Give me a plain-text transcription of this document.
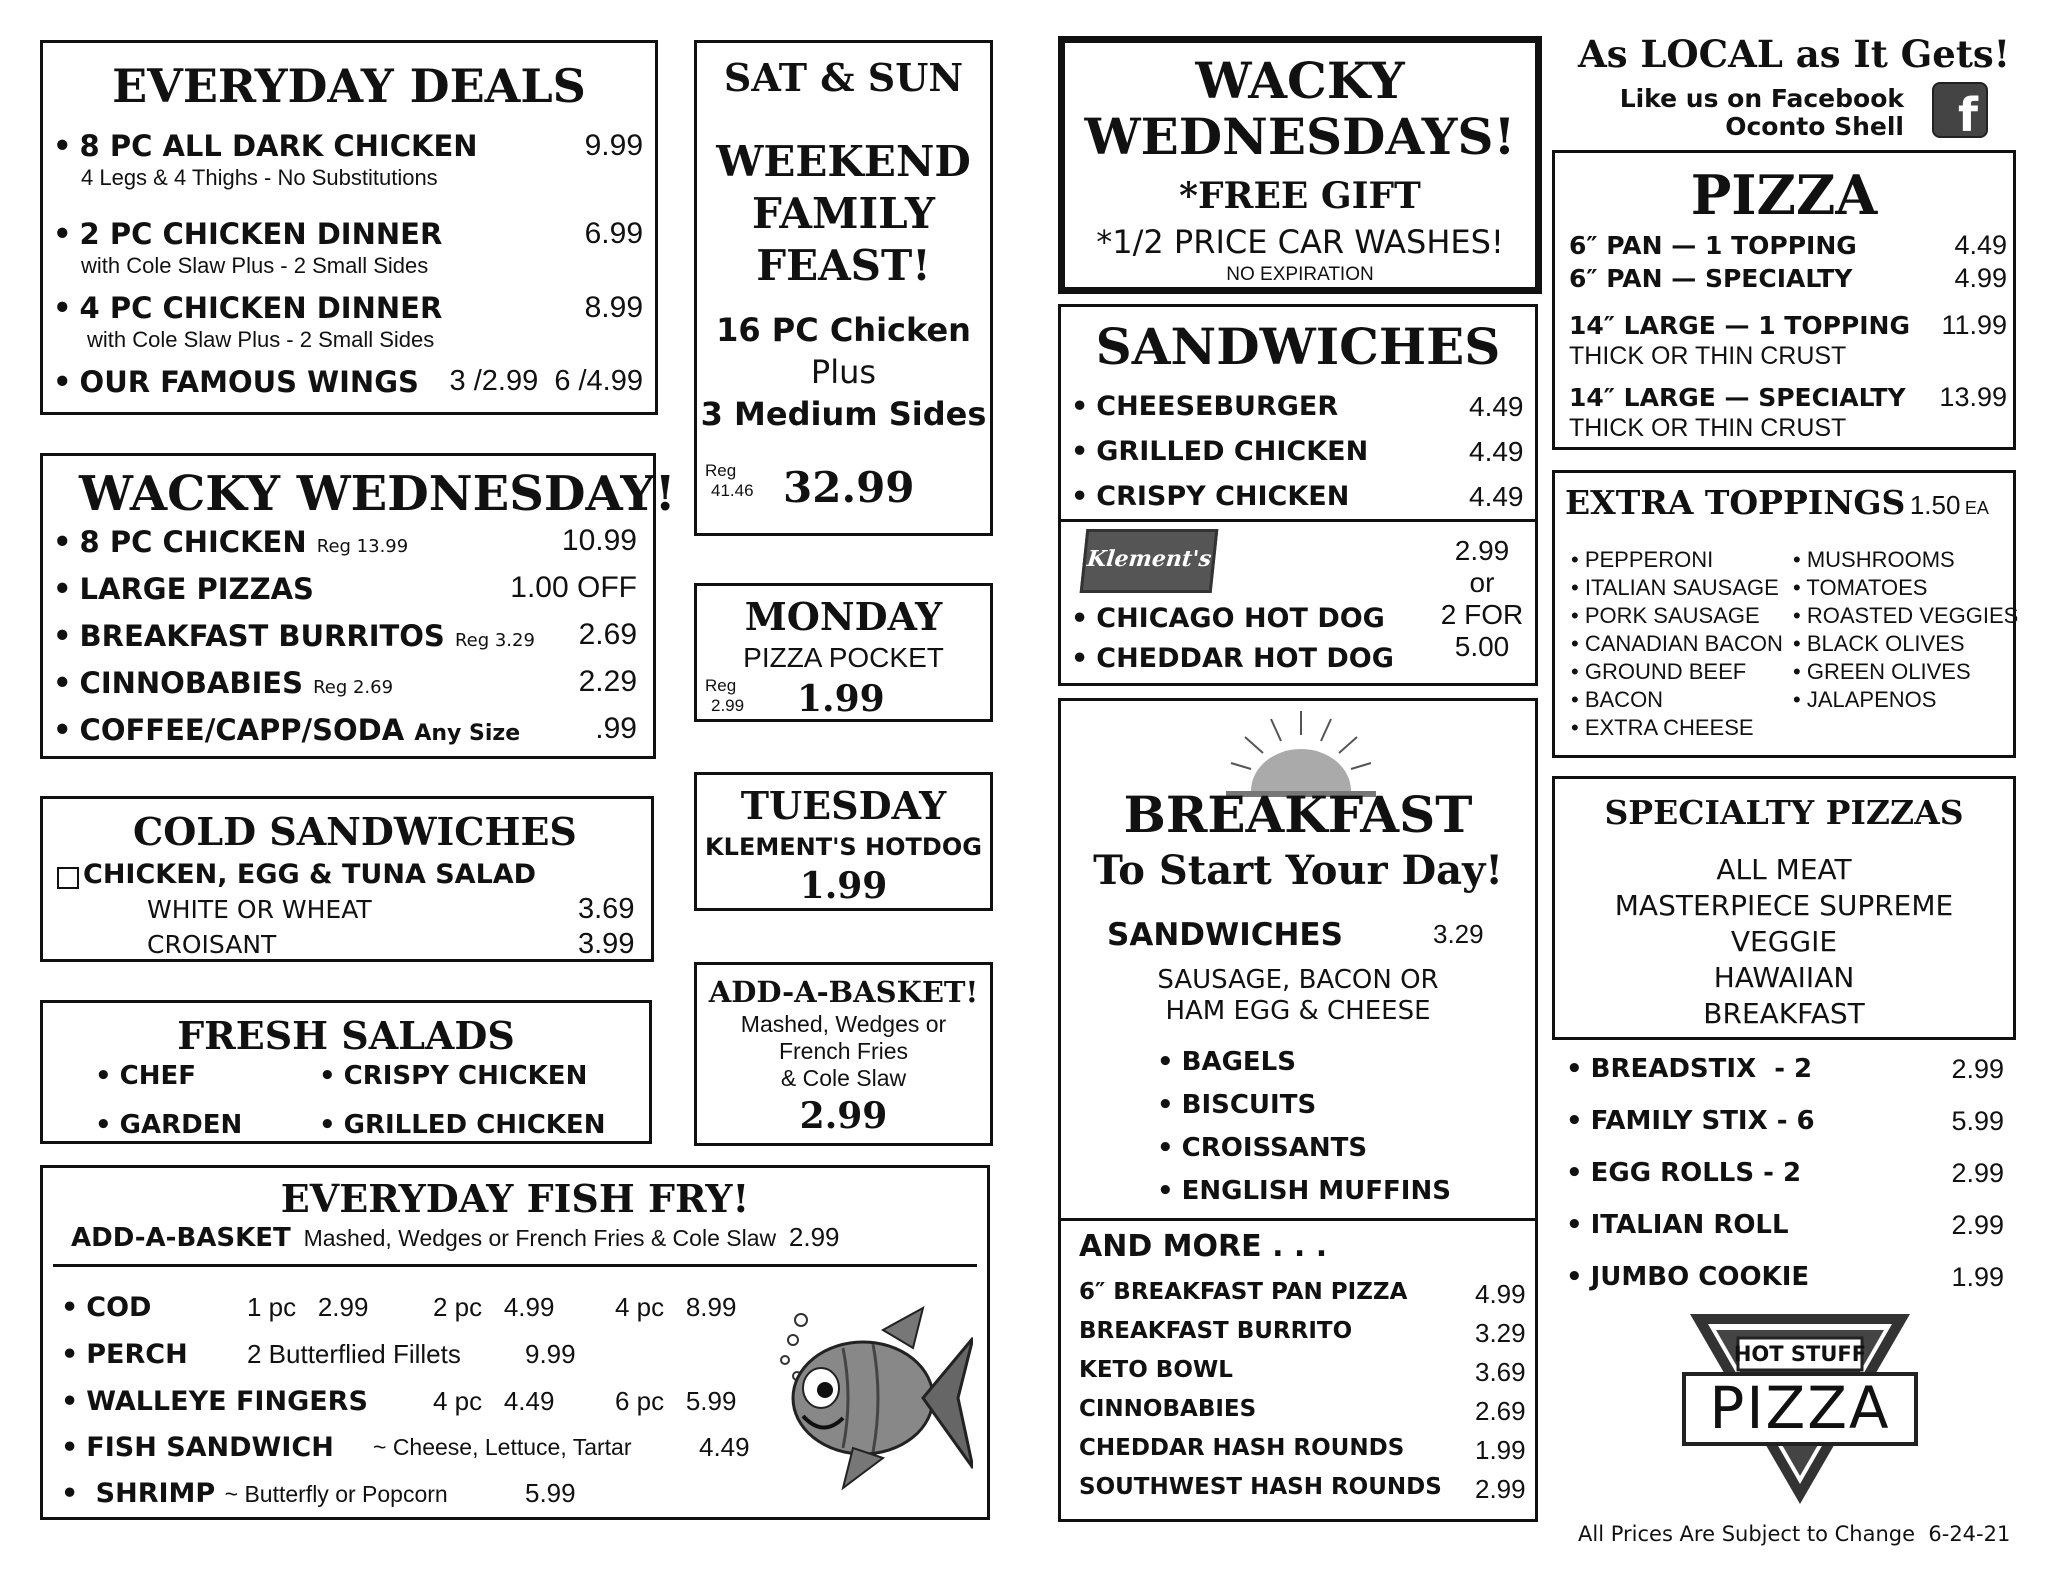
EVERYDAY DEALS
• 8 PC ALL DARK CHICKEN	9.99
4 Legs & 4 Thighs - No Substitutions
• 2 PC CHICKEN DINNER	6.99
with Cole Slaw Plus - 2 Small Sides
• 4 PC CHICKEN DINNER	8.99
with Cole Slaw Plus - 2 Small Sides
• OUR FAMOUS WINGS 3 /2.99  6 /4.99
WACKY WEDNESDAY!
• 8 PC CHICKEN Reg 13.99	10.99
• LARGE PIZZAS	1.00 OFF
• BREAKFAST BURRITOS Reg 3.29 2.69
• CINNOBABIES Reg 2.69	2.29
• COFFEE/CAPP/SODA Any Size	.99
COLD SANDWICHES
CHICKEN, EGG & TUNA SALAD
WHITE OR WHEAT	3.69
CROISANT	3.99
FRESH SALADS
• CHEF	• CRISPY CHICKEN
• GARDEN	• GRILLED CHICKEN
EVERYDAY FISH FRY!
ADD-A-BASKET Mashed, Wedges or French Fries & Cole Slaw 2.99
• COD	1 pc   2.99 2 pc   4.99 4 pc   8.99
• PERCH 2 Butterflied Fillets 9.99
• WALLEYE FINGERS	4 pc   4.49 6 pc   5.99
• FISH SANDWICH ~ Cheese, Lettuce, Tartar	4.49
• SHRIMP ~ Butterfly or Popcorn	5.99
SAT & SUN
WEEKEND
FAMILY
FEAST!
16 PC Chicken
Plus
3 Medium Sides
Reg
41.46 32.99
MONDAY
PIZZA POCKET
Reg
2.99 1.99
TUESDAY
KLEMENT'S HOTDOG
1.99
ADD-A-BASKET!
Mashed, Wedges or
French Fries
& Cole Slaw
2.99
WACKY
WEDNESDAYS!
*FREE GIFT
*1/2 PRICE CAR WASHES!
NO EXPIRATION
SANDWICHES
• CHEESEBURGER	4.49
• GRILLED CHICKEN	4.49
• CRISPY CHICKEN	4.49
Klement's
• CHICAGO HOT DOG
• CHEDDAR HOT DOG
2.99
or
2 FOR
5.00
BREAKFAST
To Start Your Day!
SANDWICHES	3.29
SAUSAGE, BACON OR
HAM EGG & CHEESE
• BAGELS
• BISCUITS
• CROISSANTS
• ENGLISH MUFFINS
AND MORE . . .
6″ BREAKFAST PAN PIZZA	4.99
BREAKFAST BURRITO	3.29
KETO BOWL	3.69
CINNOBABIES	2.69
CHEDDAR HASH ROUNDS	1.99
SOUTHWEST HASH ROUNDS 2.99
As LOCAL as It Gets!
Like us on Facebook
Oconto Shell f
PIZZA
6″ PAN — 1 TOPPING	4.49
6″ PAN — SPECIALTY	4.99
14″ LARGE — 1 TOPPING 11.99
THICK OR THIN CRUST
14″ LARGE — SPECIALTY 13.99
THICK OR THIN CRUST
EXTRA TOPPINGS 1.50 EA
• PEPPERONI
• ITALIAN SAUSAGE
• PORK SAUSAGE
• CANADIAN BACON
• GROUND BEEF
• BACON
• EXTRA CHEESE
• MUSHROOMS
• TOMATOES
• ROASTED VEGGIES
• BLACK OLIVES
• GREEN OLIVES
• JALAPENOS
SPECIALTY PIZZAS
ALL MEAT
MASTERPIECE SUPREME
VEGGIE
HAWAIIAN
BREAKFAST
• BREADSTIX  - 2	2.99
• FAMILY STIX - 6	5.99
• EGG ROLLS - 2	2.99
• ITALIAN ROLL	2.99
• JUMBO COOKIE	1.99
HOT STUFF
PIZZA
All Prices Are Subject to Change  6-24-21
